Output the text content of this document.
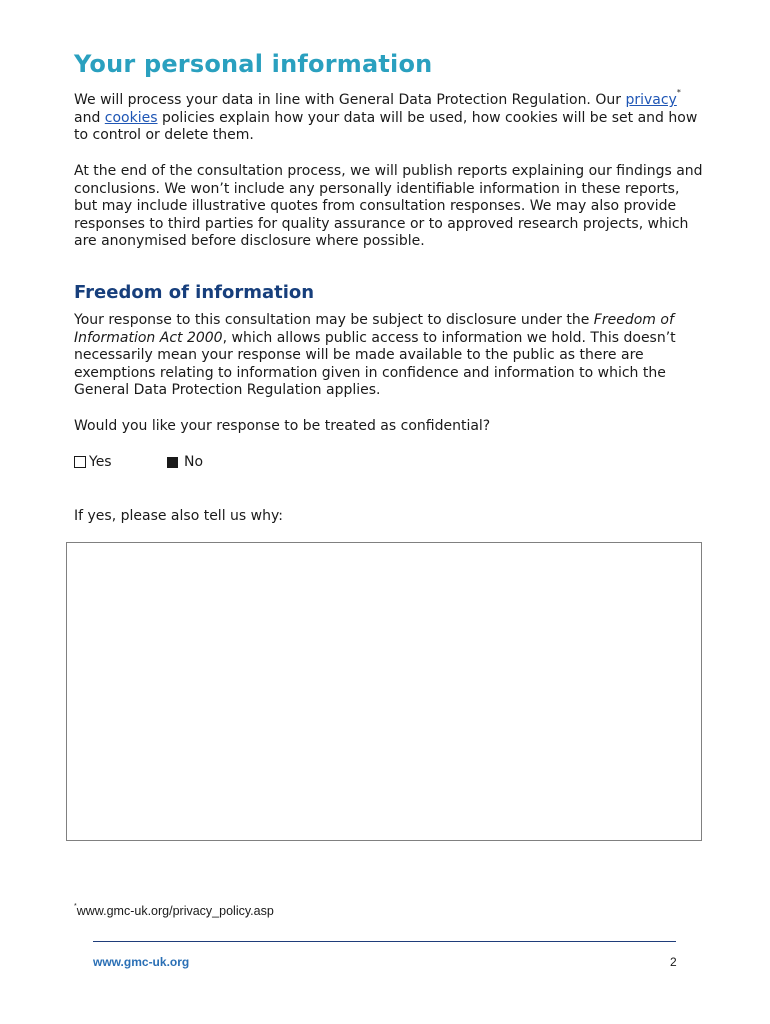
Your personal information
We will process your data in line with General Data Protection Regulation. Our privacy*
and cookies policies explain how your data will be used, how cookies will be set and how to control or delete them.
At the end of the consultation process, we will publish reports explaining our findings and conclusions. We won’t include any personally identifiable information in these reports, but may include illustrative quotes from consultation responses. We may also provide responses to third parties for quality assurance or to approved research projects, which are anonymised before disclosure where possible.
Freedom of information
Your response to this consultation may be subject to disclosure under the Freedom of Information Act 2000, which allows public access to information we hold. This doesn’t necessarily mean your response will be made available to the public as there are exemptions relating to information given in confidence and information to which the General Data Protection Regulation applies.
Would you like your response to be treated as confidential?
Yes	No
If yes, please also tell us why:
*www.gmc-uk.org/privacy_policy.asp
www.gmc-uk.org	2
